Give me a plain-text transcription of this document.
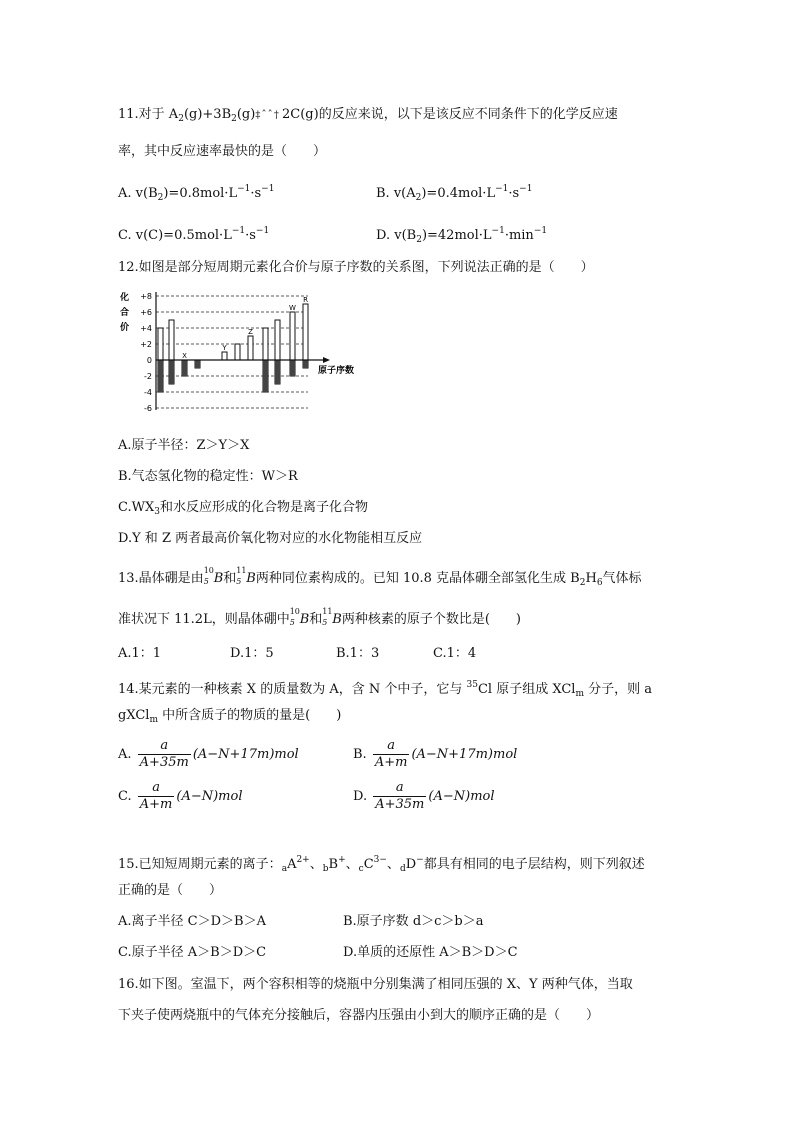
11.对于 $A_2(g)+3B_2(g)\ddagger$ ˆ ˆ † 2C(g)的反应来说，以下是该反应不同条件下的化学反应速
率，其中反应速率最快的是（　　）
A. $v(B_2)=0.8mol\cdot L^{-1}\cdot s^{-1}$	B. $v(A_2)=0.4mol\cdot L^{-1}\cdot s^{-1}$
C. $v(C)=0.5mol\cdot L^{-1}\cdot s^{-1}$	D. $v(B_2)=42mol\cdot L^{-1}\cdot\min^{-1}$
12.如图是部分短周期元素化合价与原子序数的关系图，下列说法正确的是（　　）
化
合
价
+8
+6
+4
+2
0
-2
-4
-6
X
Y
Z
W
R
原子序数
A.原子半径：Z＞Y＞X
B.气态氢化物的稳定性：W＞R
$C.WX_3$和水反应形成的化合物是离子化合物
D.Y 和 Z 两者最高价氧化物对应的水化物能相互反应
13.晶体硼是由
10
5 B和
11
5 B两种同位素构成的。已知 10.8 克晶体硼全部氢化生成 $B_2H_6$气体标
准状况下 11.2L，则晶体硼中
10
5 B和
11
5 B两种核素的原子个数比是(　　)
A.1：1	D.1：5	B.1：3	C.1：4
14.某元素的一种核素 X 的质量数为 A，含 N 个中子，它与 $^{35}$Cl 原子组成 XCl$_m$ 分子，则 a
gXCl$_m$ 中所含质子的物质的量是(　　)
A. $\frac{a}{A+35m} (A-N+17m)mol$	B. $\frac{a}{A+m} (A-N+17m)mol$
C. $\frac{a}{A+m} (A-N)mol$	D. $\frac{a}{A+35m} (A-N)mol$
15.已知短周期元素的离子：$_aA^{2+}$、$_b$B+、$_cC^{3-}$、$_d$D−都具有相同的电子层结构，则下列叙述
正确的是（　　）
A.离子半径 C＞D＞B＞A	B.原子序数 d＞c＞b＞a
C.原子半径 A＞B＞D＞C	D.单质的还原性 A＞B＞D＞C
16.如下图。室温下，两个容积相等的烧瓶中分别集满了相同压强的 X、Y 两种气体，当取
下夹子使两烧瓶中的气体充分接触后，容器内压强由小到大的顺序正确的是（　　）
